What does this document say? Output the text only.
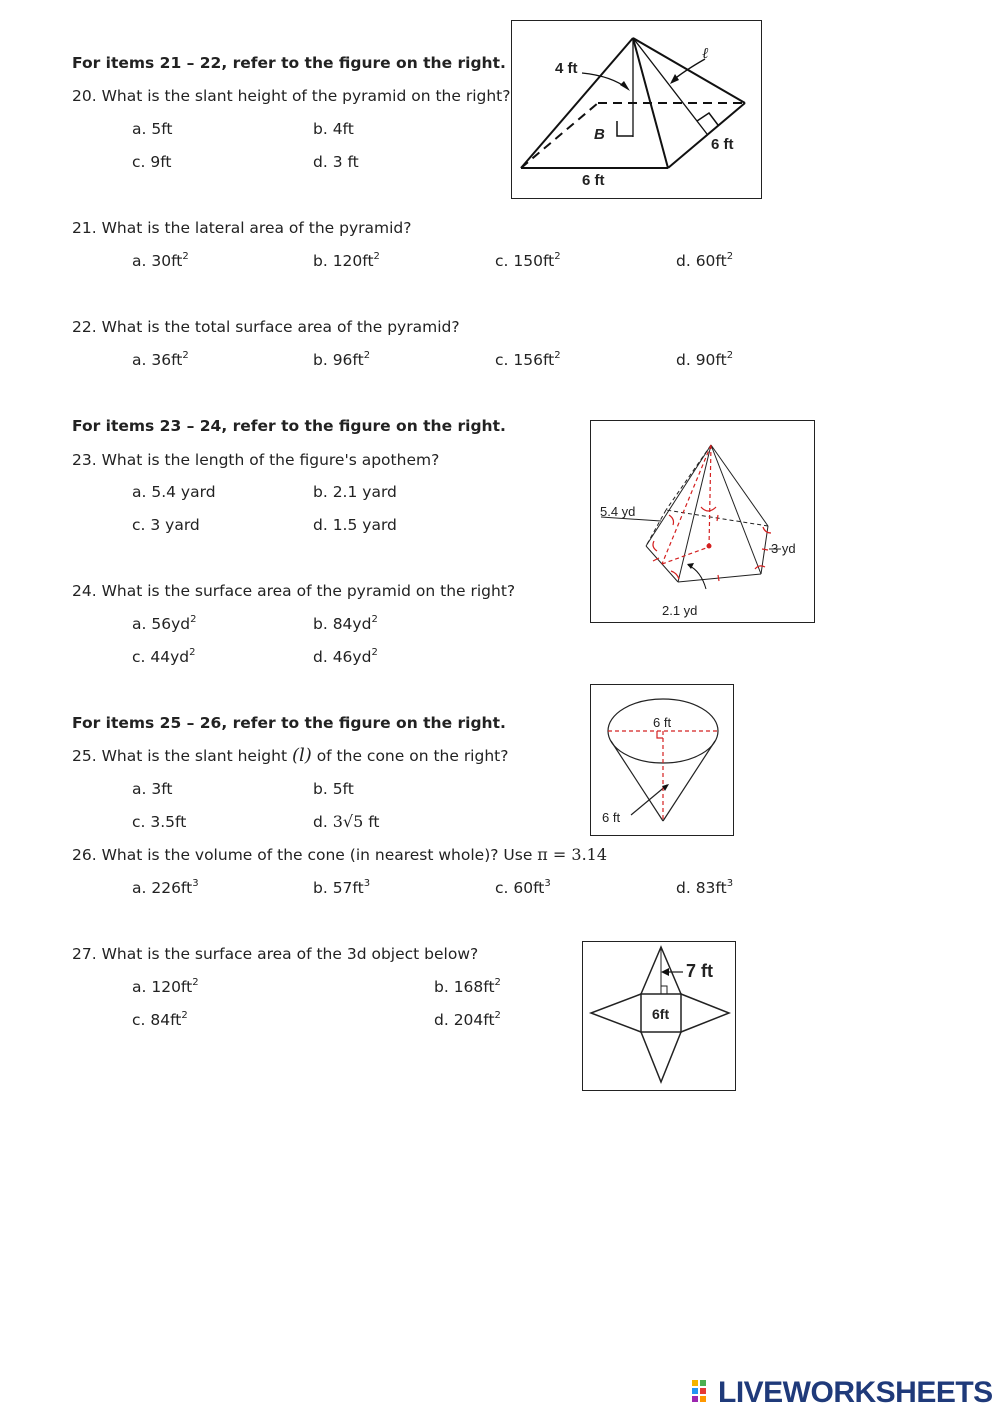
For items 21 – 22, refer to the figure on the right.
20. What is the slant height of the pyramid on the right?
a. 5ft	b. 4ft
c. 9ft	d. 3 ft
21. What is the lateral area of the pyramid?
a. $30ft^2$	b. $120ft^2$	c. $150ft^2$	d. $60ft^2$
22. What is the total surface area of the pyramid?
a. $36ft^2$	b. $96ft^2$	c. $156ft^2$	d. $90ft^2$
4 ft
ℓ
B
6 ft
6 ft
For items 23 – 24, refer to the figure on the right.
23. What is the length of the figure's apothem?
a. 5.4 yard	b. 2.1 yard
c. 3 yard	d. 1.5 yard
24. What is the surface area of the pyramid on the right?
a. $56yd^2$	b. $84yd^2$
c. $44yd^2$	d. $46yd^2$
5.4 yd
3 yd
2.1 yd
For items 25 – 26, refer to the figure on the right.
25. What is the slant height (l) of the cone on the right?
a. 3ft	b. 5ft
c. 3.5ft	d. 3√5 ft
26. What is the volume of the cone (in nearest whole)? Use π = 3.14
a. $226ft^3$	b. $57ft^3$	c. $60ft^3$	d. $83ft^3$
6 ft
6 ft
27. What is the surface area of the 3d object below?
a. $120ft^2$	b. $168ft^2$
c. $84ft^2$	d. $204ft^2$
7 ft
6ft
LIVEWORKSHEETS
